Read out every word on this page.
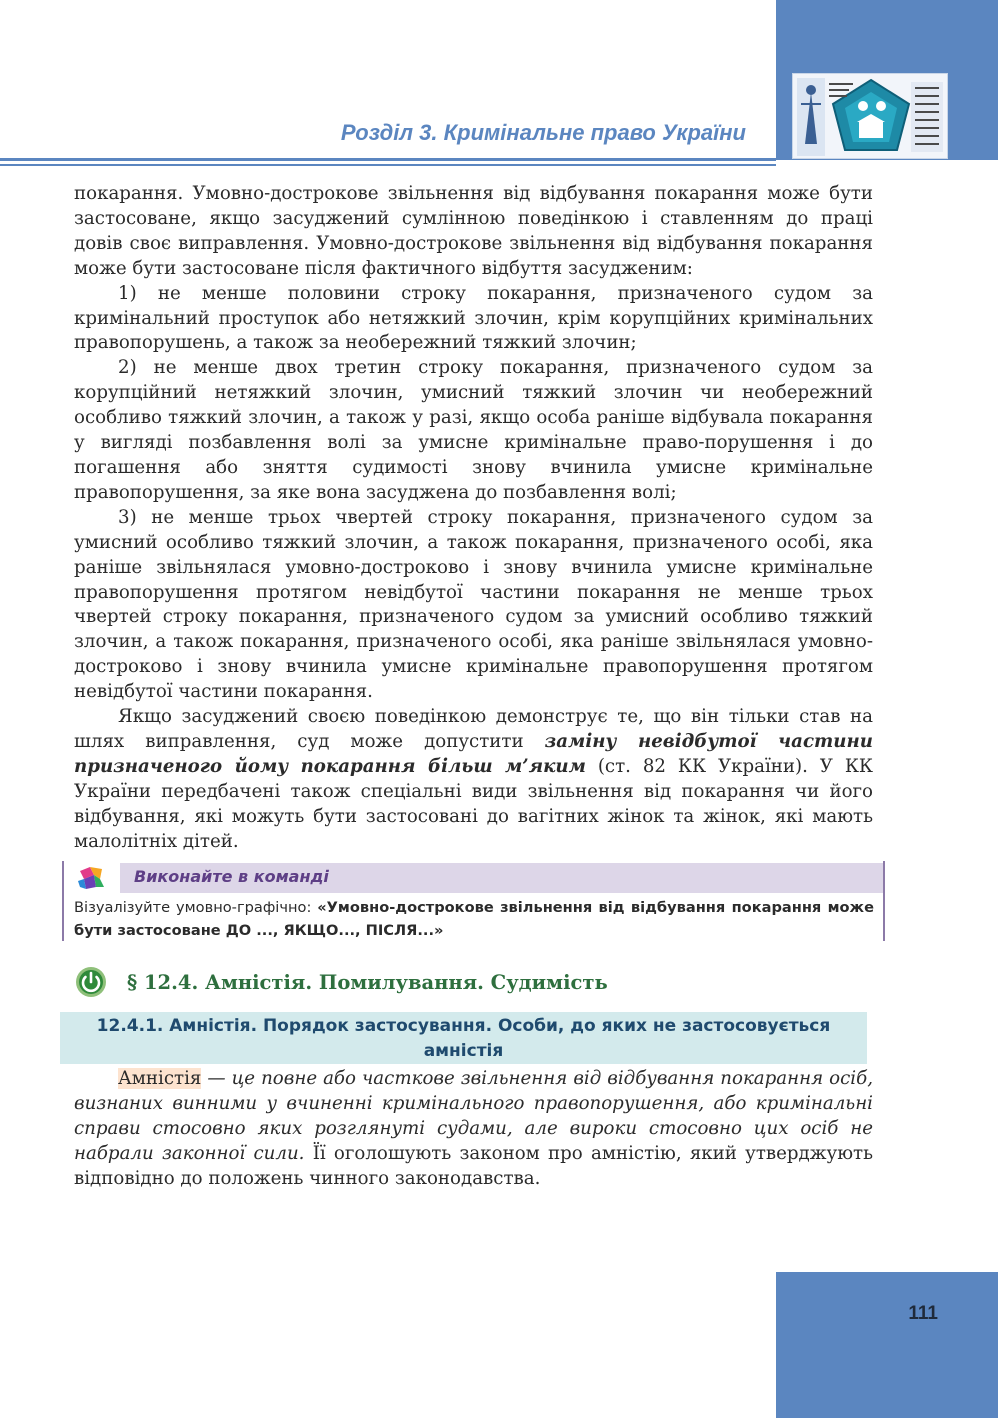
Розділ 3. Кримінальне право України

покарання. Умовно-дострокове звільнення від відбування покарання може бути застосоване, якщо засуджений сумлінною поведінкою і ставленням до праці довів своє виправлення. Умовно-дострокове звільнення від відбування покарання може бути застосоване після фактичного відбуття засудженим:

1) не менше половини строку покарання, призначеного судом за кримінальний проступок або нетяжкий злочин, крім корупційних кримінальних правопорушень, а також за необережний тяжкий злочин;

2) не менше двох третин строку покарання, призначеного судом за корупційний нетяжкий злочин, умисний тяжкий злочин чи необережний особливо тяжкий злочин, а також у разі, якщо особа раніше відбувала покарання у вигляді позбавлення волі за умисне кримінальне право-порушення і до погашення або зняття судимості знову вчинила умисне кримінальне правопорушення, за яке вона засуджена до позбавлення волі;

3) не менше трьох чвертей строку покарання, призначеного судом за умисний особливо тяжкий злочин, а також покарання, призначеного особі, яка раніше звільнялася умовно-достроково і знову вчинила умисне кримінальне правопорушення протягом невідбутої частини покарання не менше трьох чвертей строку покарання, призначеного судом за умисний особливо тяжкий злочин, а також покарання, призначеного особі, яка раніше звільнялася умовно-достроково і знову вчинила умисне кримінальне правопорушення протягом невідбутої частини покарання.

Якщо засуджений своєю поведінкою демонструє те, що він тільки став на шлях виправлення, суд може допустити заміну невідбутої частини призначеного йому покарання більш м’яким (ст. 82 КК України). У КК України передбачені також спеціальні види звільнення від покарання чи його відбування, які можуть бути застосовані до вагітних жінок та жінок, які мають малолітніх дітей.

Виконайте в команді
Візуалізуйте умовно-графічно: «Умовно-дострокове звільнення від відбування покарання може бути застосоване ДО ..., ЯКЩО..., ПІСЛЯ...»
§ 12.4. Амністія. Помилування. Судимість
12.4.1. Амністія. Порядок застосування. Особи, до яких не застосовується амністія

Амністія — це повне або часткове звільнення від відбування покарання осіб, визнаних винними у вчиненні кримінального правопорушення, або кримінальні справи стосовно яких розглянуті судами, але вироки стосовно цих осіб не набрали законної сили. Її оголошують законом про амністію, який утверджують відповідно до положень чинного законодавства.

111
